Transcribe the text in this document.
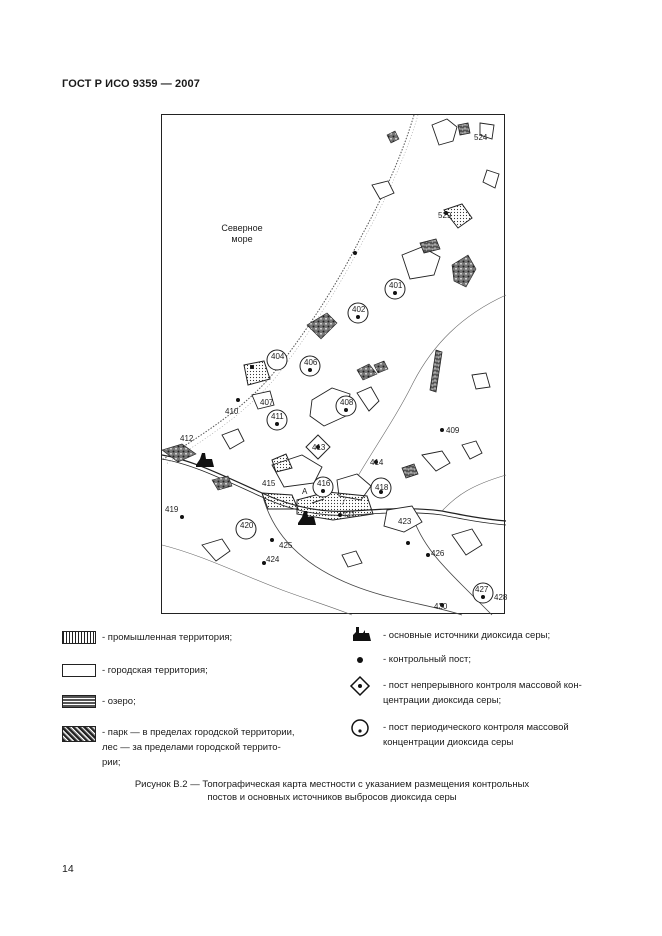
ГОСТ Р ИСО 9359 — 2007
Северное море
524
529
401
402
404
406
407	408
409
410
411
412
413
414
415	416	418
419
420
421
423
424
425
426
427
428
430
A
- промышленная территория;
- городская территория;
- озеро;
- парк — в пределах городской территории,
лес — за пределами городской террито-
рии;
- основные источники диоксида серы;
- контрольный пост;
- пост непрерывного контроля массовой кон-
центрации диоксида серы;
- пост периодического контроля массовой
концентрации диоксида серы
Рисунок В.2 — Топографическая карта местности с указанием размещения контрольных
постов и основных источников выбросов диоксида серы
14
